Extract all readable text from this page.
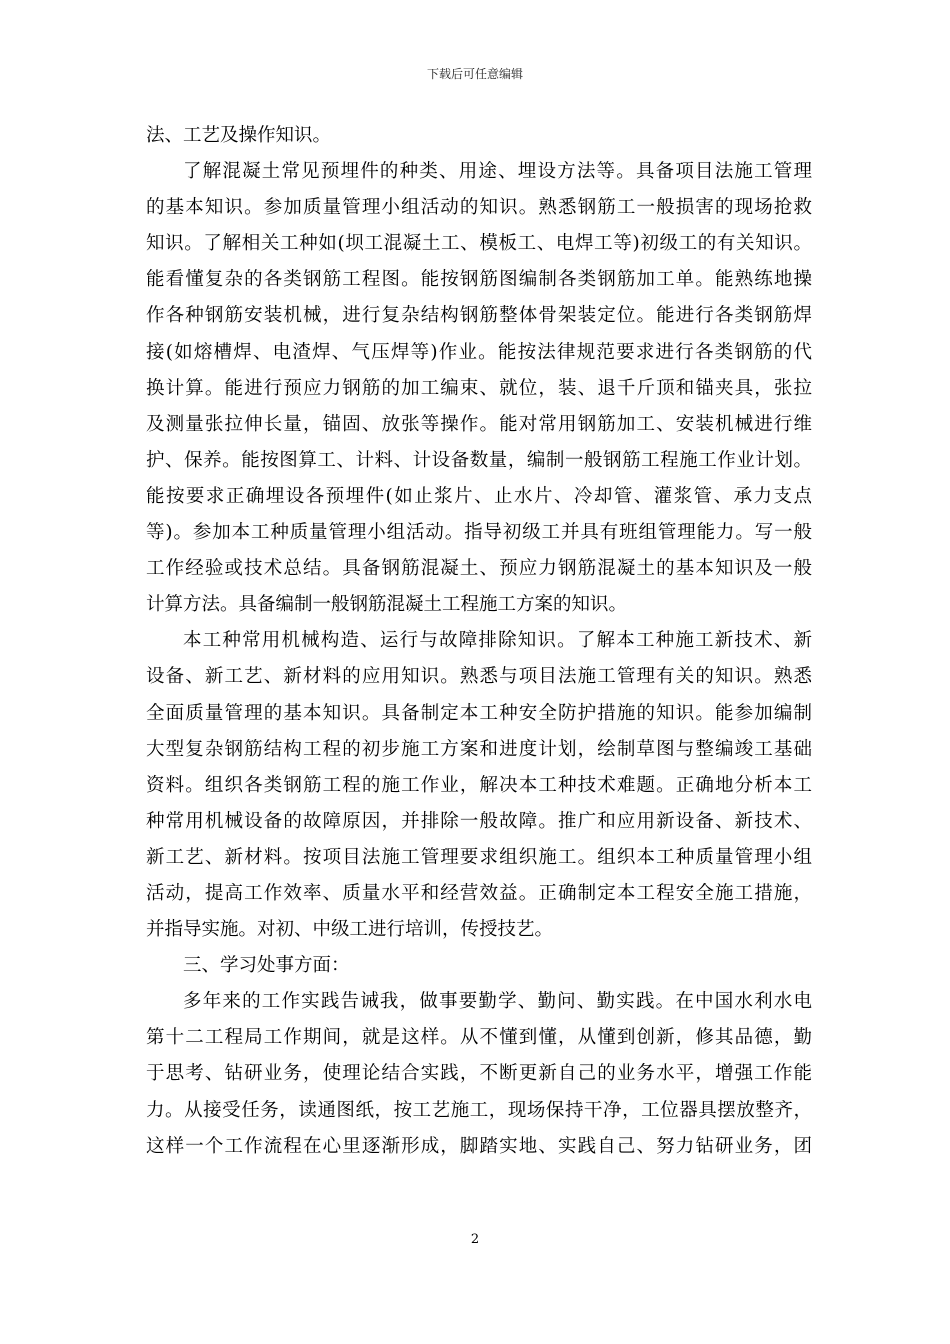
下载后可任意编辑
法、工艺及操作知识。
了解混凝土常见预埋件的种类、用途、埋设方法等。具备项目法施工管理
的基本知识。参加质量管理小组活动的知识。熟悉钢筋工一般损害的现场抢救
知识。了解相关工种如(坝工混凝土工、模板工、电焊工等)初级工的有关知识。
能看懂复杂的各类钢筋工程图。能按钢筋图编制各类钢筋加工单。能熟练地操
作各种钢筋安装机械，进行复杂结构钢筋整体骨架装定位。能进行各类钢筋焊
接(如熔槽焊、电渣焊、气压焊等)作业。能按法律规范要求进行各类钢筋的代
换计算。能进行预应力钢筋的加工编束、就位，装、退千斤顶和锚夹具，张拉
及测量张拉伸长量，锚固、放张等操作。能对常用钢筋加工、安装机械进行维
护、保养。能按图算工、计料、计设备数量，编制一般钢筋工程施工作业计划。
能按要求正确埋设各预埋件(如止浆片、止水片、冷却管、灌浆管、承力支点
等)。参加本工种质量管理小组活动。指导初级工并具有班组管理能力。写一般
工作经验或技术总结。具备钢筋混凝土、预应力钢筋混凝土的基本知识及一般
计算方法。具备编制一般钢筋混凝土工程施工方案的知识。
本工种常用机械构造、运行与故障排除知识。了解本工种施工新技术、新
设备、新工艺、新材料的应用知识。熟悉与项目法施工管理有关的知识。熟悉
全面质量管理的基本知识。具备制定本工种安全防护措施的知识。能参加编制
大型复杂钢筋结构工程的初步施工方案和进度计划，绘制草图与整编竣工基础
资料。组织各类钢筋工程的施工作业，解决本工种技术难题。正确地分析本工
种常用机械设备的故障原因，并排除一般故障。推广和应用新设备、新技术、
新工艺、新材料。按项目法施工管理要求组织施工。组织本工种质量管理小组
活动，提高工作效率、质量水平和经营效益。正确制定本工程安全施工措施，
并指导实施。对初、中级工进行培训，传授技艺。
三、学习处事方面：
多年来的工作实践告诫我，做事要勤学、勤问、勤实践。在中国水利水电
第十二工程局工作期间，就是这样。从不懂到懂，从懂到创新，修其品德，勤
于思考、钻研业务，使理论结合实践，不断更新自己的业务水平，增强工作能
力。从接受任务，读通图纸，按工艺施工，现场保持干净，工位器具摆放整齐，
这样一个工作流程在心里逐渐形成，脚踏实地、实践自己、努力钻研业务，团
2
